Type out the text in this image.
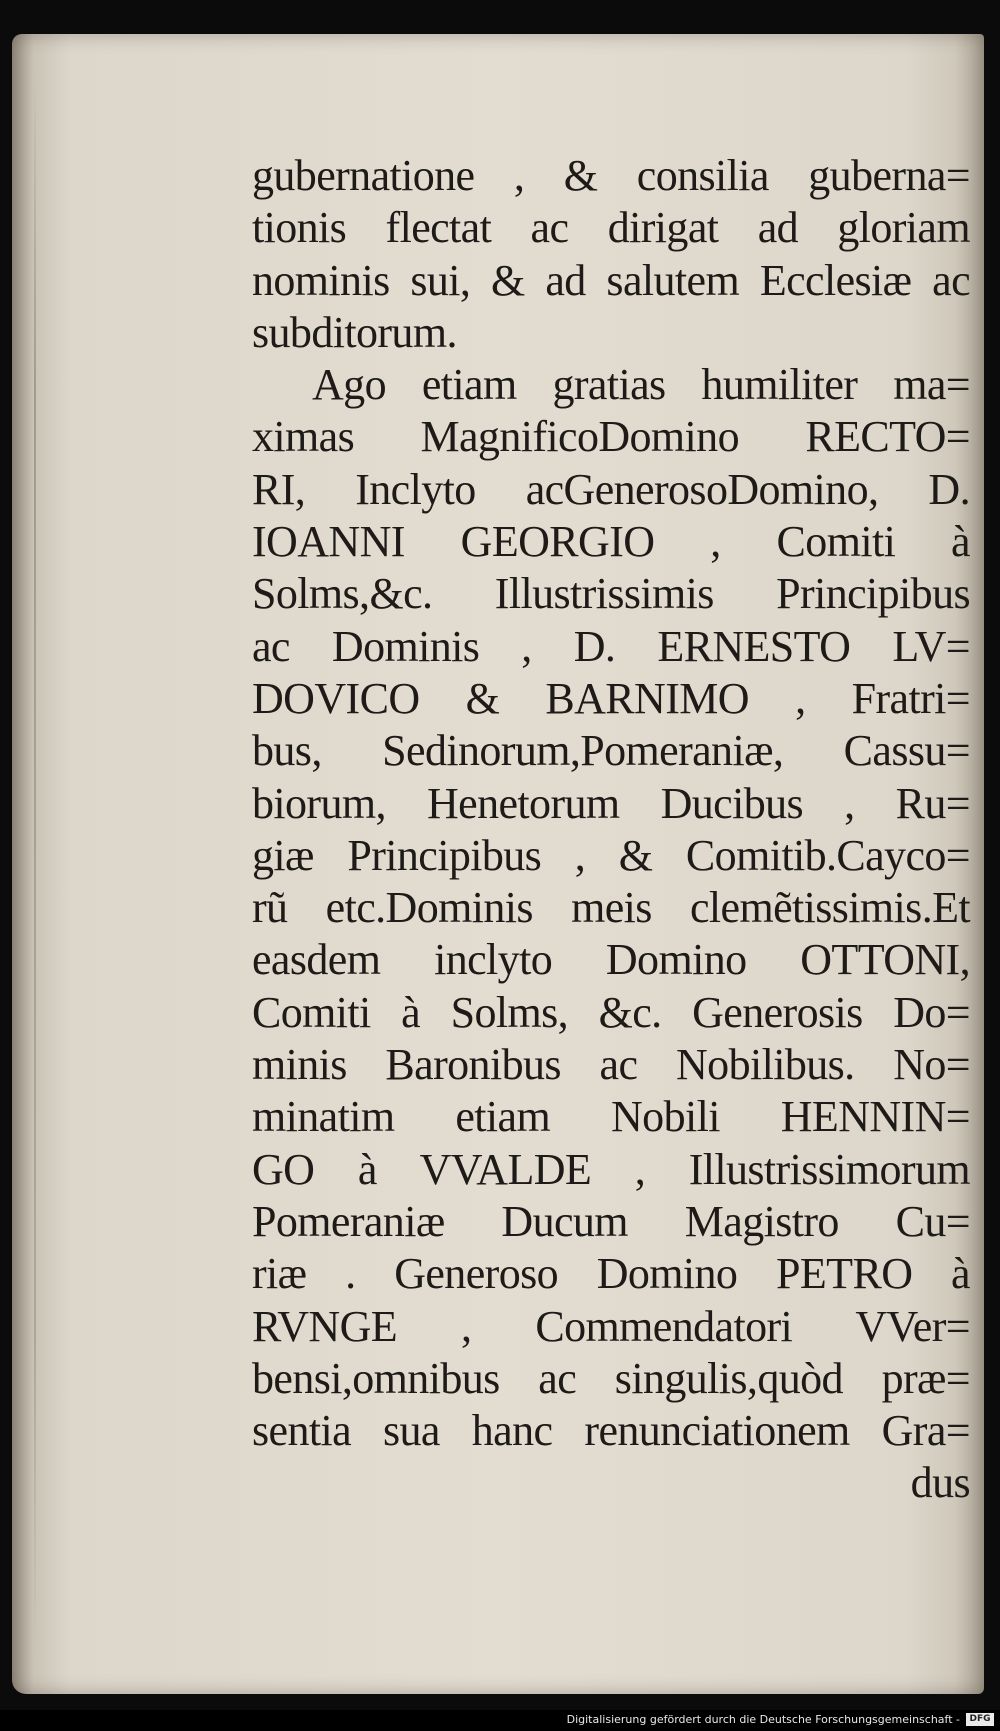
gubernatione , & consilia guberna=
tionis flectat ac dirigat ad gloriam
nominis sui, & ad salutem Ecclesiæ ac
subditorum.
Ago etiam gratias humiliter ma=
ximas MagnificoDomino RECTO=
RI, Inclyto acGenerosoDomino, D.
IOANNI GEORGIO , Comiti à
Solms,&c. Illustrissimis Principibus
ac Dominis , D. ERNESTO LV=
DOVICO & BARNIMO , Fratri=
bus, Sedinorum,Pomeraniæ, Cassu=
biorum, Henetorum Ducibus , Ru=
giæ Principibus , & Comitib.Cayco=
rũ etc.Dominis meis clemẽtissimis.Et
easdem inclyto Domino OTTONI,
Comiti à Solms, &c. Generosis Do=
minis Baronibus ac Nobilibus. No=
minatim etiam Nobili HENNIN=
GO à VVALDE , Illustrissimorum
Pomeraniæ Ducum Magistro Cu=
riæ . Generoso Domino PETRO à
RVNGE , Commendatori VVer=
bensi,omnibus ac singulis,quòd præ=
sentia sua hanc renunciationem Gra=
dus
Digitalisierung gefördert durch die Deutsche Forschungsgemeinschaft -	DFG
